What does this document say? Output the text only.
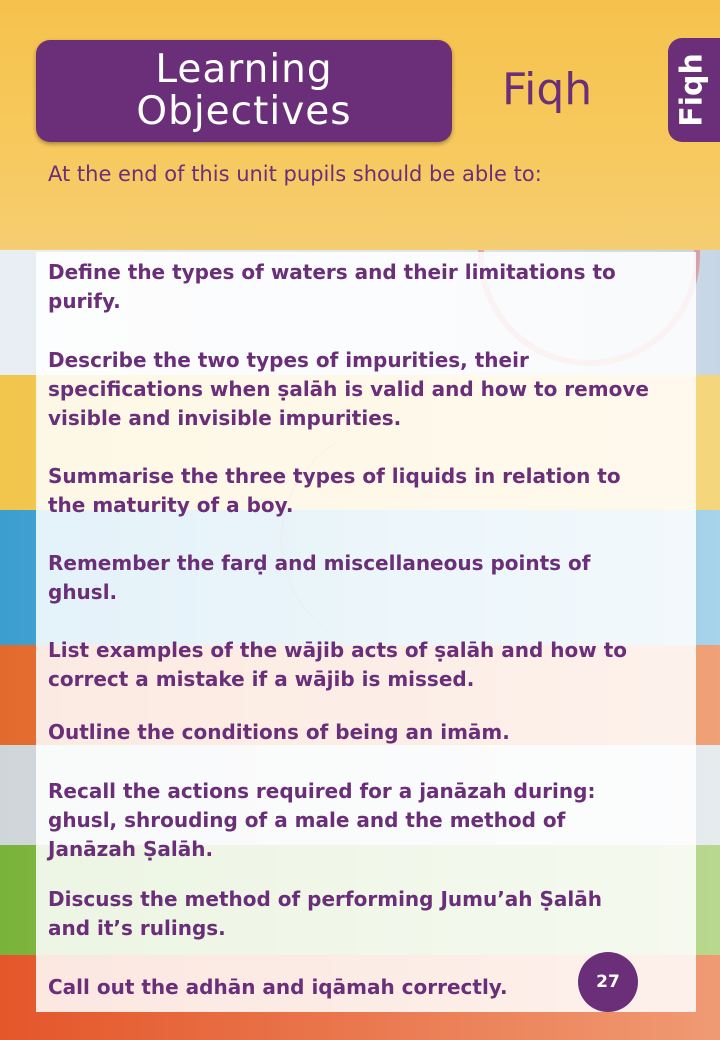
Learning
Objectives	Fiqh	Fiqh
At the end of this unit pupils should be able to:
Define the types of waters and their limitations to
purify.
Describe the two types of impurities, their
specifications when ṣalāh is valid and how to remove
visible and invisible impurities.
Summarise the three types of liquids in relation to
the maturity of a boy.
Remember the farḍ and miscellaneous points of
ghusl.
List examples of the wājib acts of ṣalāh and how to
correct a mistake if a wājib is missed.
Outline the conditions of being an imām.
Recall the actions required for a janāzah during:
ghusl, shrouding of a male and the method of
Janāzah Ṣalāh.
Discuss the method of performing Jumu’ah Ṣalāh
and it’s rulings.
Call out the adhān and iqāmah correctly.	27
